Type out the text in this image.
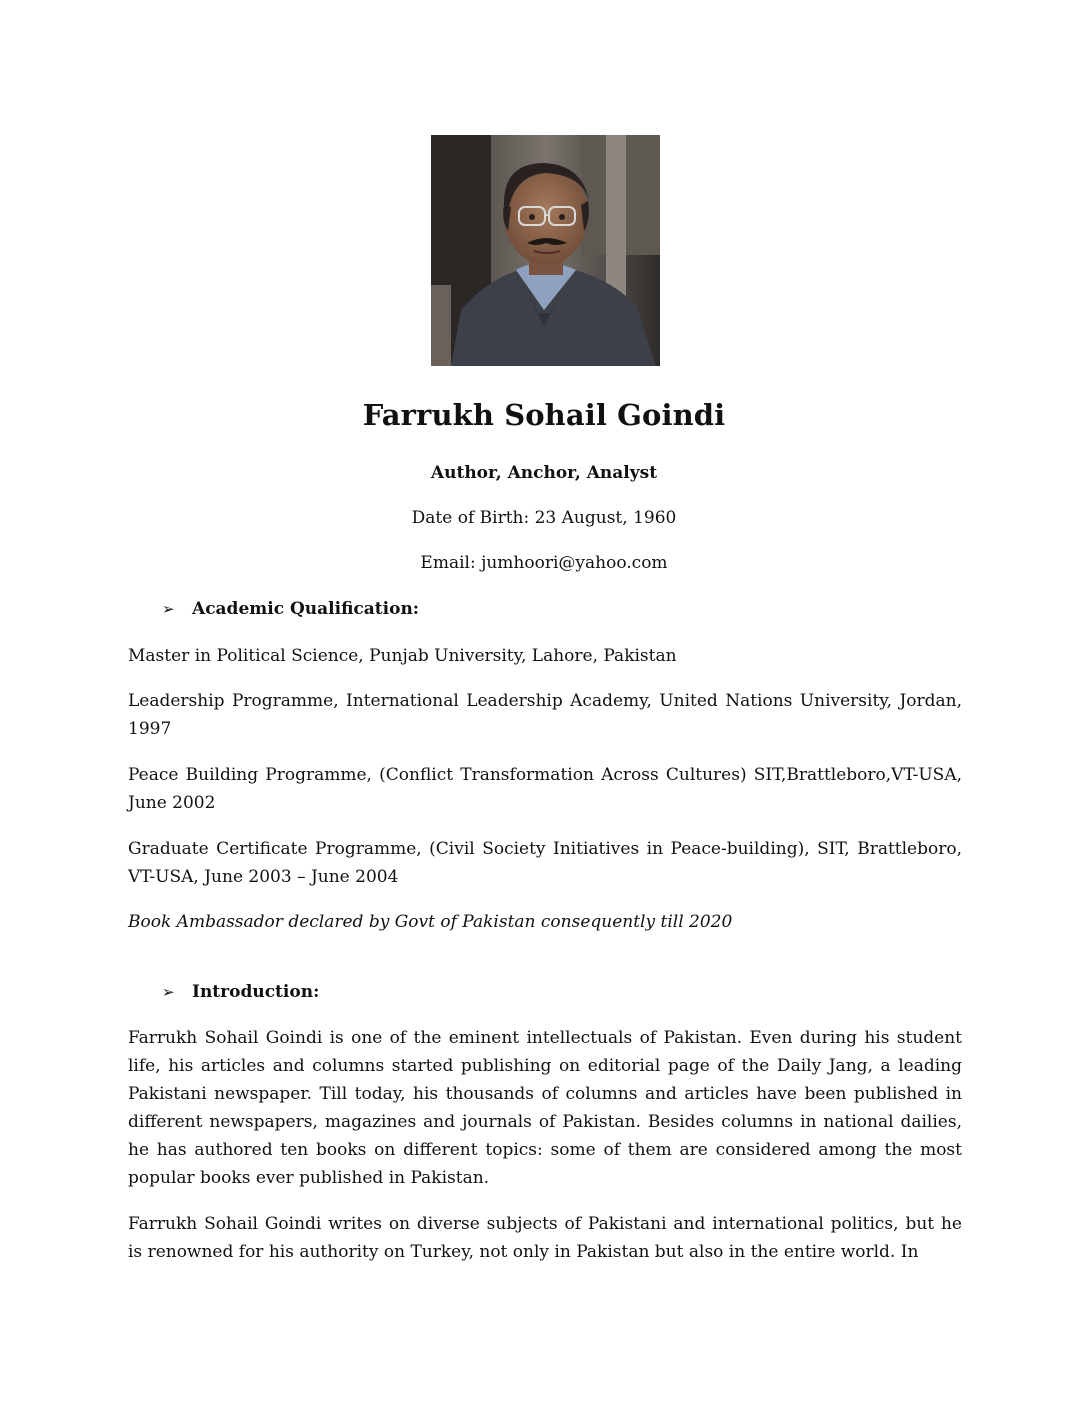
Farrukh Sohail Goindi
Author, Anchor, Analyst
Date of Birth: 23 August, 1960
Email: jumhoori@yahoo.com
➢ Academic Qualification:
Master in Political Science, Punjab University, Lahore, Pakistan
Leadership Programme, International Leadership Academy, United Nations University, Jordan, 1997
Peace Building Programme, (Conflict Transformation Across Cultures) SIT,Brattleboro,VT-USA, June 2002
Graduate Certificate Programme, (Civil Society Initiatives in Peace-building), SIT, Brattleboro, VT-USA, June 2003 – June 2004
Book Ambassador declared by Govt of Pakistan consequently till 2020
➢ Introduction:
Farrukh Sohail Goindi is one of the eminent intellectuals of Pakistan. Even during his student life, his articles and columns started publishing on editorial page of the Daily Jang, a leading Pakistani newspaper. Till today, his thousands of columns and articles have been published in different newspapers, magazines and journals of Pakistan. Besides columns in national dailies, he has authored ten books on different topics: some of them are considered among the most popular books ever published in Pakistan.
Farrukh Sohail Goindi writes on diverse subjects of Pakistani and international politics, but he is renowned for his authority on Turkey, not only in Pakistan but also in the entire world. In
